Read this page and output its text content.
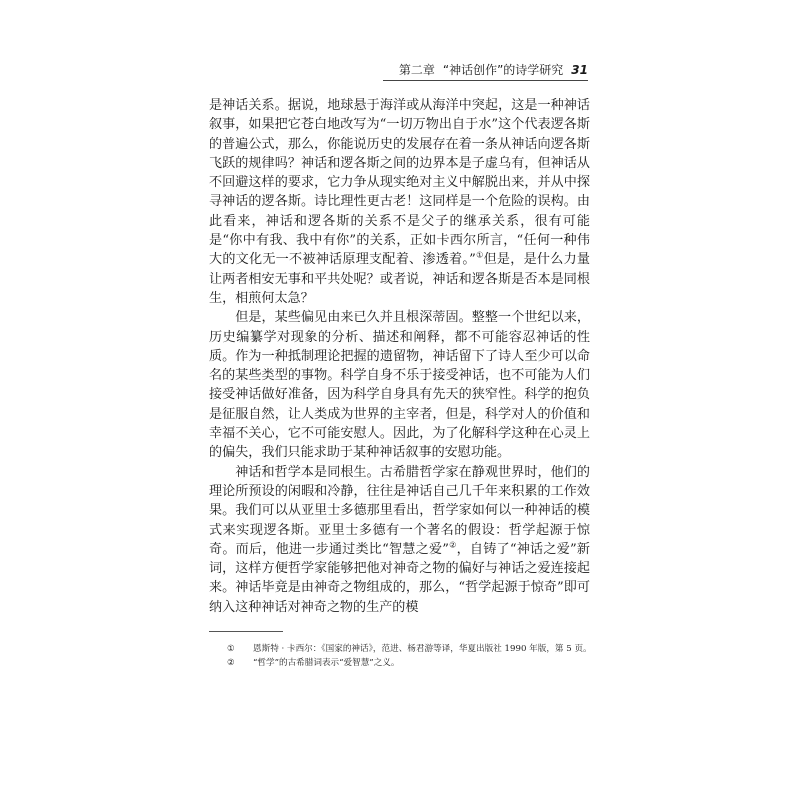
第二章 “神话创作”的诗学研究 31

是神话关系。据说，地球悬于海洋或从海洋中突起，这是一种神话叙事，如果把它苍白地改写为“一切万物出自于水”这个代表逻各斯的普遍公式，那么，你能说历史的发展存在着一条从神话向逻各斯飞跃的规律吗？神话和逻各斯之间的边界本是子虚乌有，但神话从不回避这样的要求，它力争从现实绝对主义中解脱出来，并从中探寻神话的逻各斯。诗比理性更古老！这同样是一个危险的误构。由此看来，神话和逻各斯的关系不是父子的继承关系，很有可能是“你中有我、我中有你”的关系，正如卡西尔所言，“任何一种伟大的文化无一不被神话原理支配着、渗透着。”①但是，是什么力量让两者相安无事和平共处呢？或者说，神话和逻各斯是否本是同根生，相煎何太急？

但是，某些偏见由来已久并且根深蒂固。整整一个世纪以来，历史编纂学对现象的分析、描述和阐释，都不可能容忍神话的性质。作为一种抵制理论把握的遗留物，神话留下了诗人至少可以命名的某些类型的事物。科学自身不乐于接受神话，也不可能为人们接受神话做好准备，因为科学自身具有先天的狭窄性。科学的抱负是征服自然，让人类成为世界的主宰者，但是，科学对人的价值和幸福不关心，它不可能安慰人。因此，为了化解科学这种在心灵上的偏失，我们只能求助于某种神话叙事的安慰功能。

神话和哲学本是同根生。古希腊哲学家在静观世界时，他们的理论所预设的闲暇和冷静，往往是神话自己几千年来积累的工作效果。我们可以从亚里士多德那里看出，哲学家如何以一种神话的模式来实现逻各斯。亚里士多德有一个著名的假设：哲学起源于惊奇。而后，他进一步通过类比“智慧之爱”②，自铸了“神话之爱”新词，这样方便哲学家能够把他对神奇之物的偏好与神话之爱连接起来。神话毕竟是由神奇之物组成的，那么，“哲学起源于惊奇”即可纳入这种神话对神奇之物的生产的模

① 恩斯特 · 卡西尔：《国家的神话》，范进、杨君游等译，华夏出版社 1990 年版，第 5 页。
② “哲学”的古希腊词表示“爱智慧”之义。
